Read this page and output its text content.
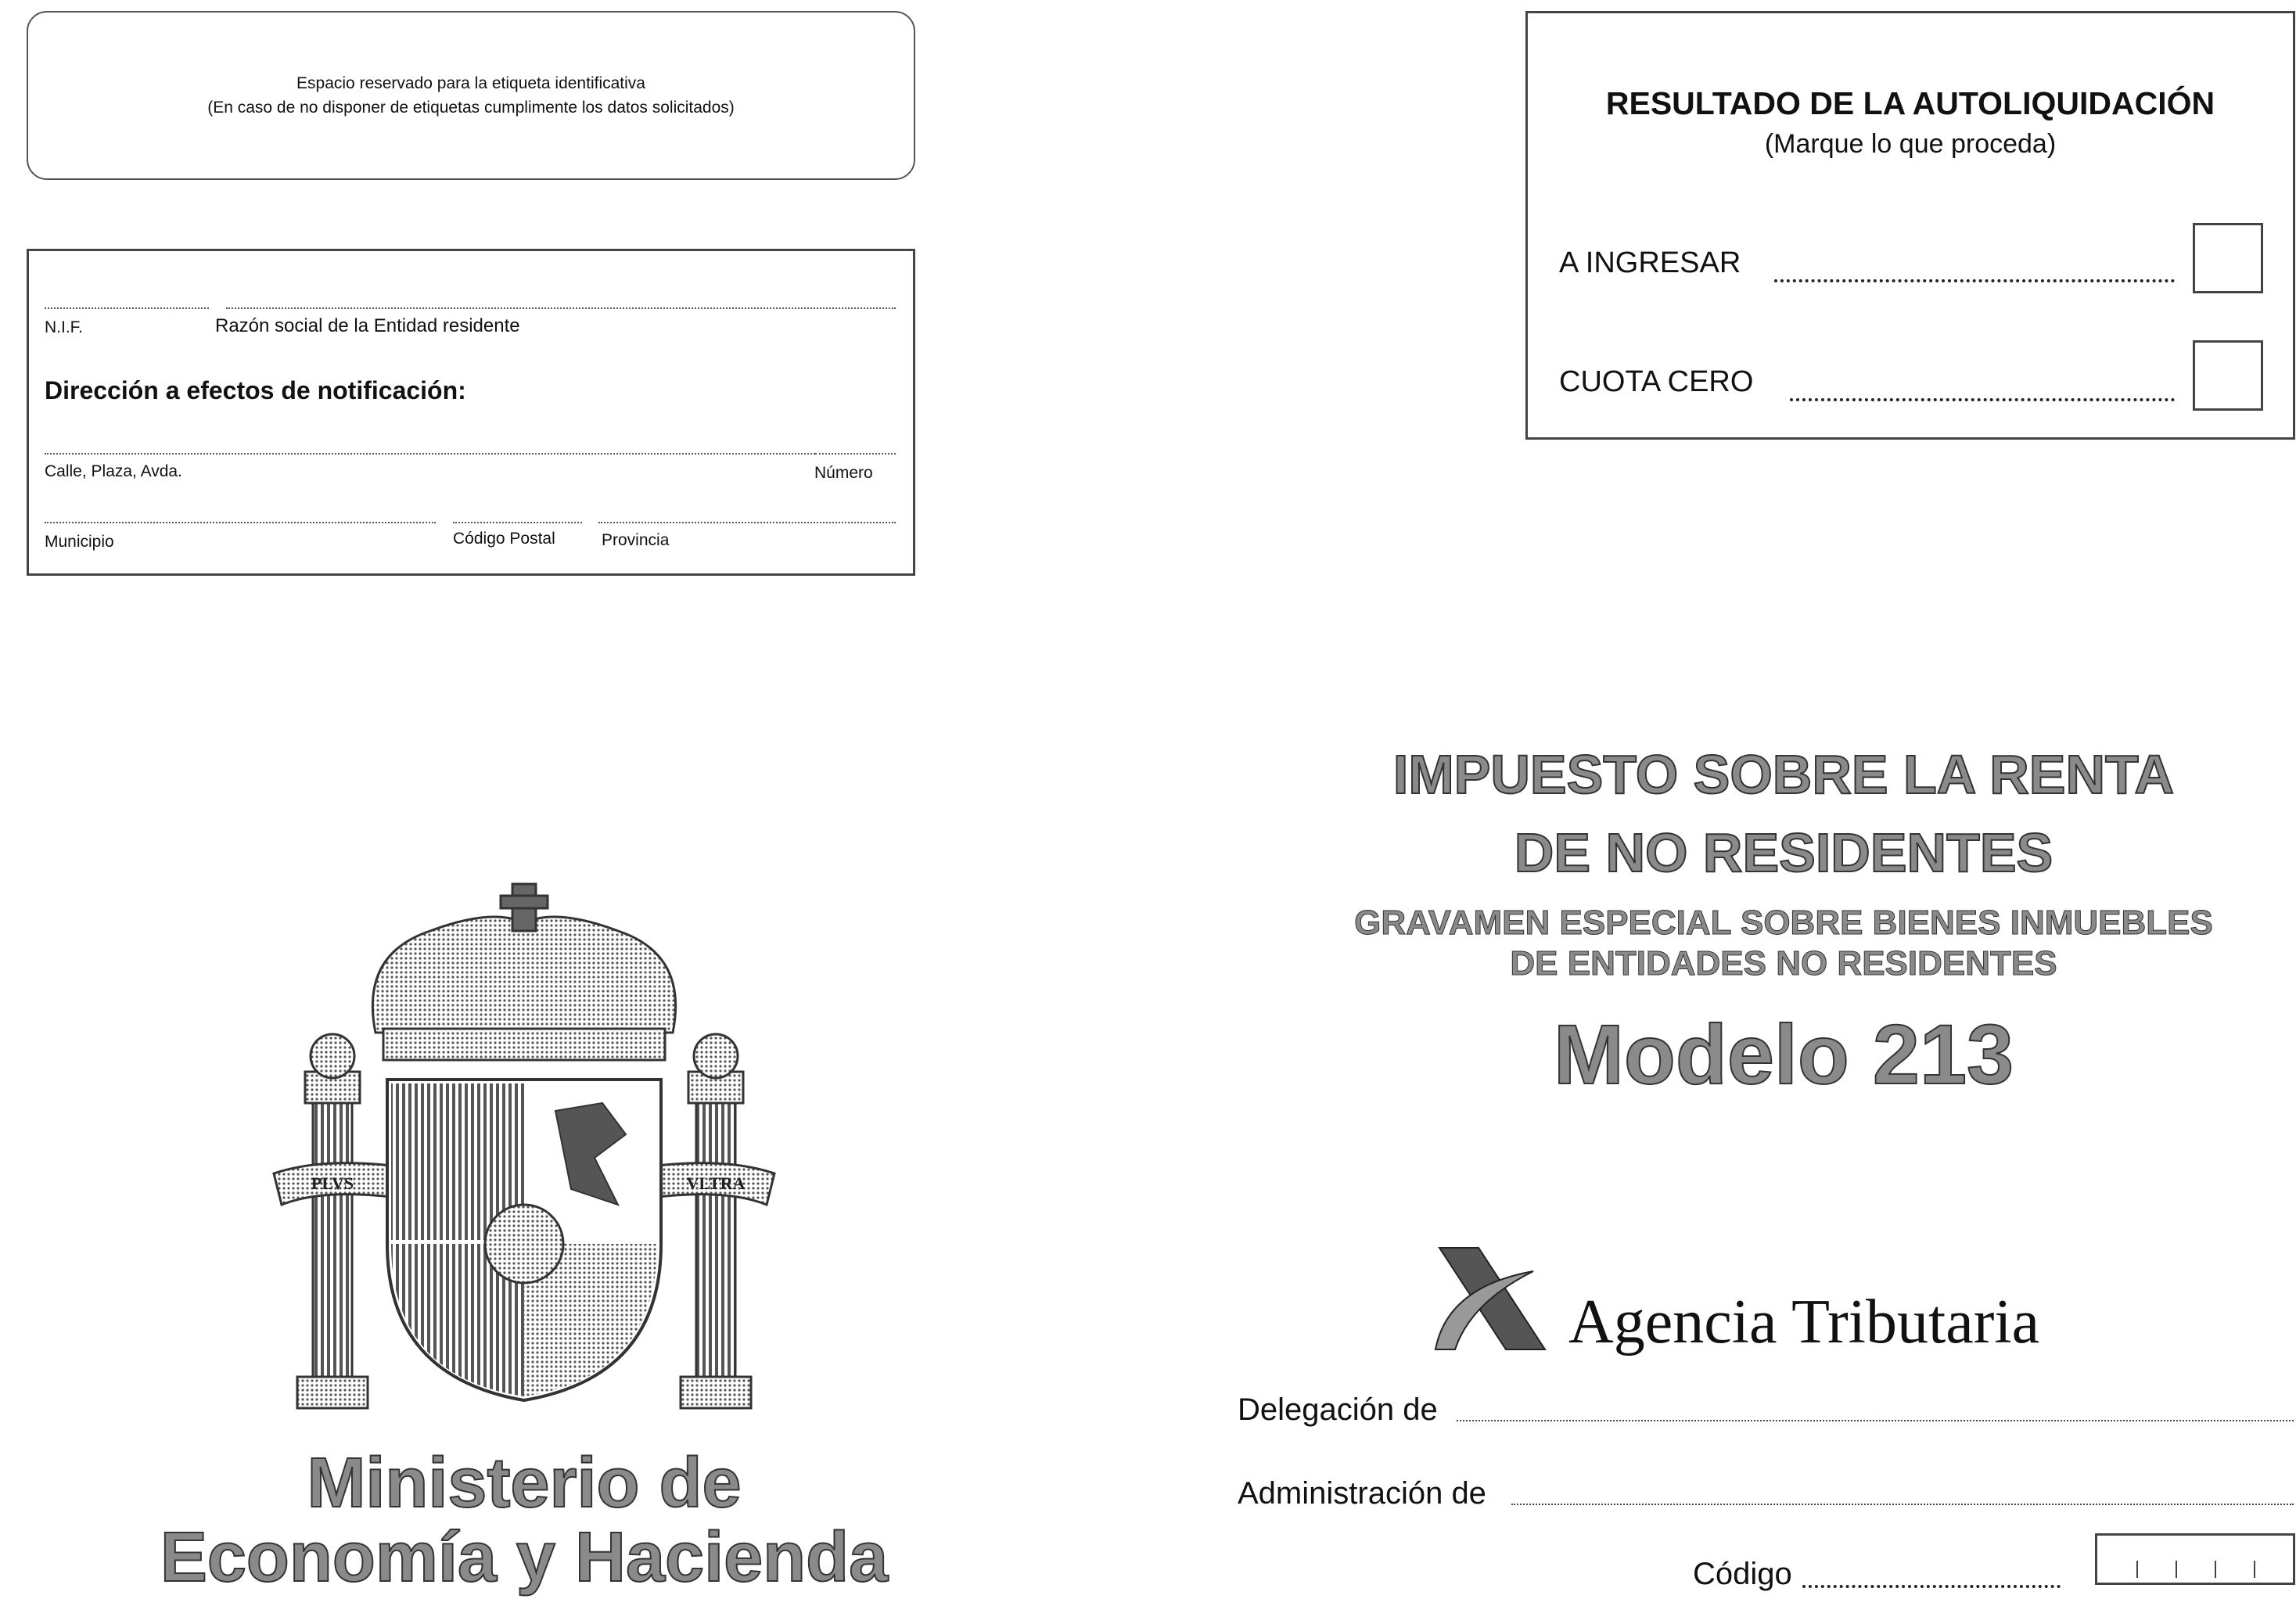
Espacio reservado para la etiqueta identificativa
(En caso de no disponer de etiquetas cumplimente los datos solicitados)
N.I.F.	Razón social de la Entidad residente
Dirección a efectos de notificación:
Calle, Plaza, Avda.	Número
Municipio	Código Postal	Provincia
RESULTADO DE LA AUTOLIQUIDACIÓN
(Marque lo que proceda)
A INGRESAR
CUOTA CERO
IMPUESTO SOBRE LA RENTA
DE NO RESIDENTES
GRAVAMEN ESPECIAL SOBRE BIENES INMUEBLES
DE ENTIDADES NO RESIDENTES
Modelo 213
PLVS	VLTRA
Ministerio de
Economía y Hacienda
Agencia Tributaria
Delegación de
Administración de
Código
